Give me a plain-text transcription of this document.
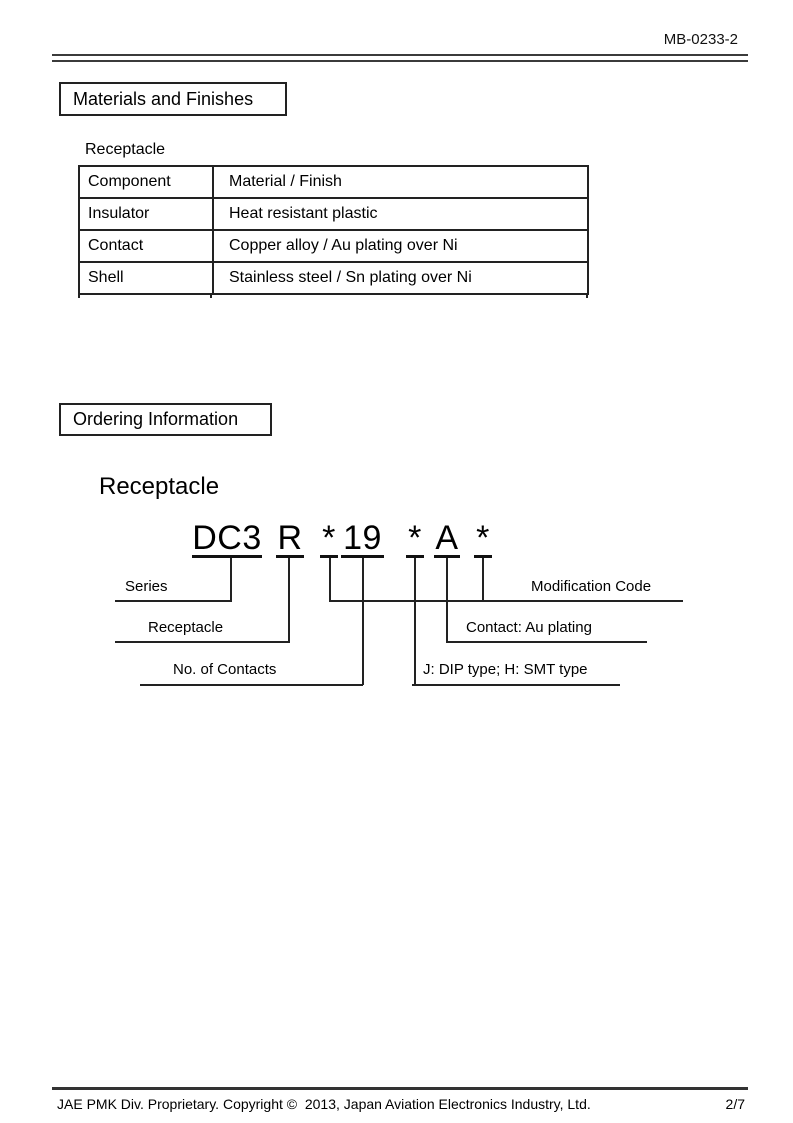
MB-0233-2
Materials and Finishes
Receptacle
Component	Material / Finish
Insulator	Heat resistant plastic
Contact	Copper alloy / Au plating over Ni
Shell	Stainless steel / Sn plating over Ni
Ordering Information
Receptacle
DC3 R * 19 * A *
Series	Modification Code
Receptacle	Contact: Au plating
No. of Contacts	J: DIP type; H: SMT type
JAE PMK Div. Proprietary. Copyright ©  2013, Japan Aviation Electronics Industry, Ltd.	2/7
